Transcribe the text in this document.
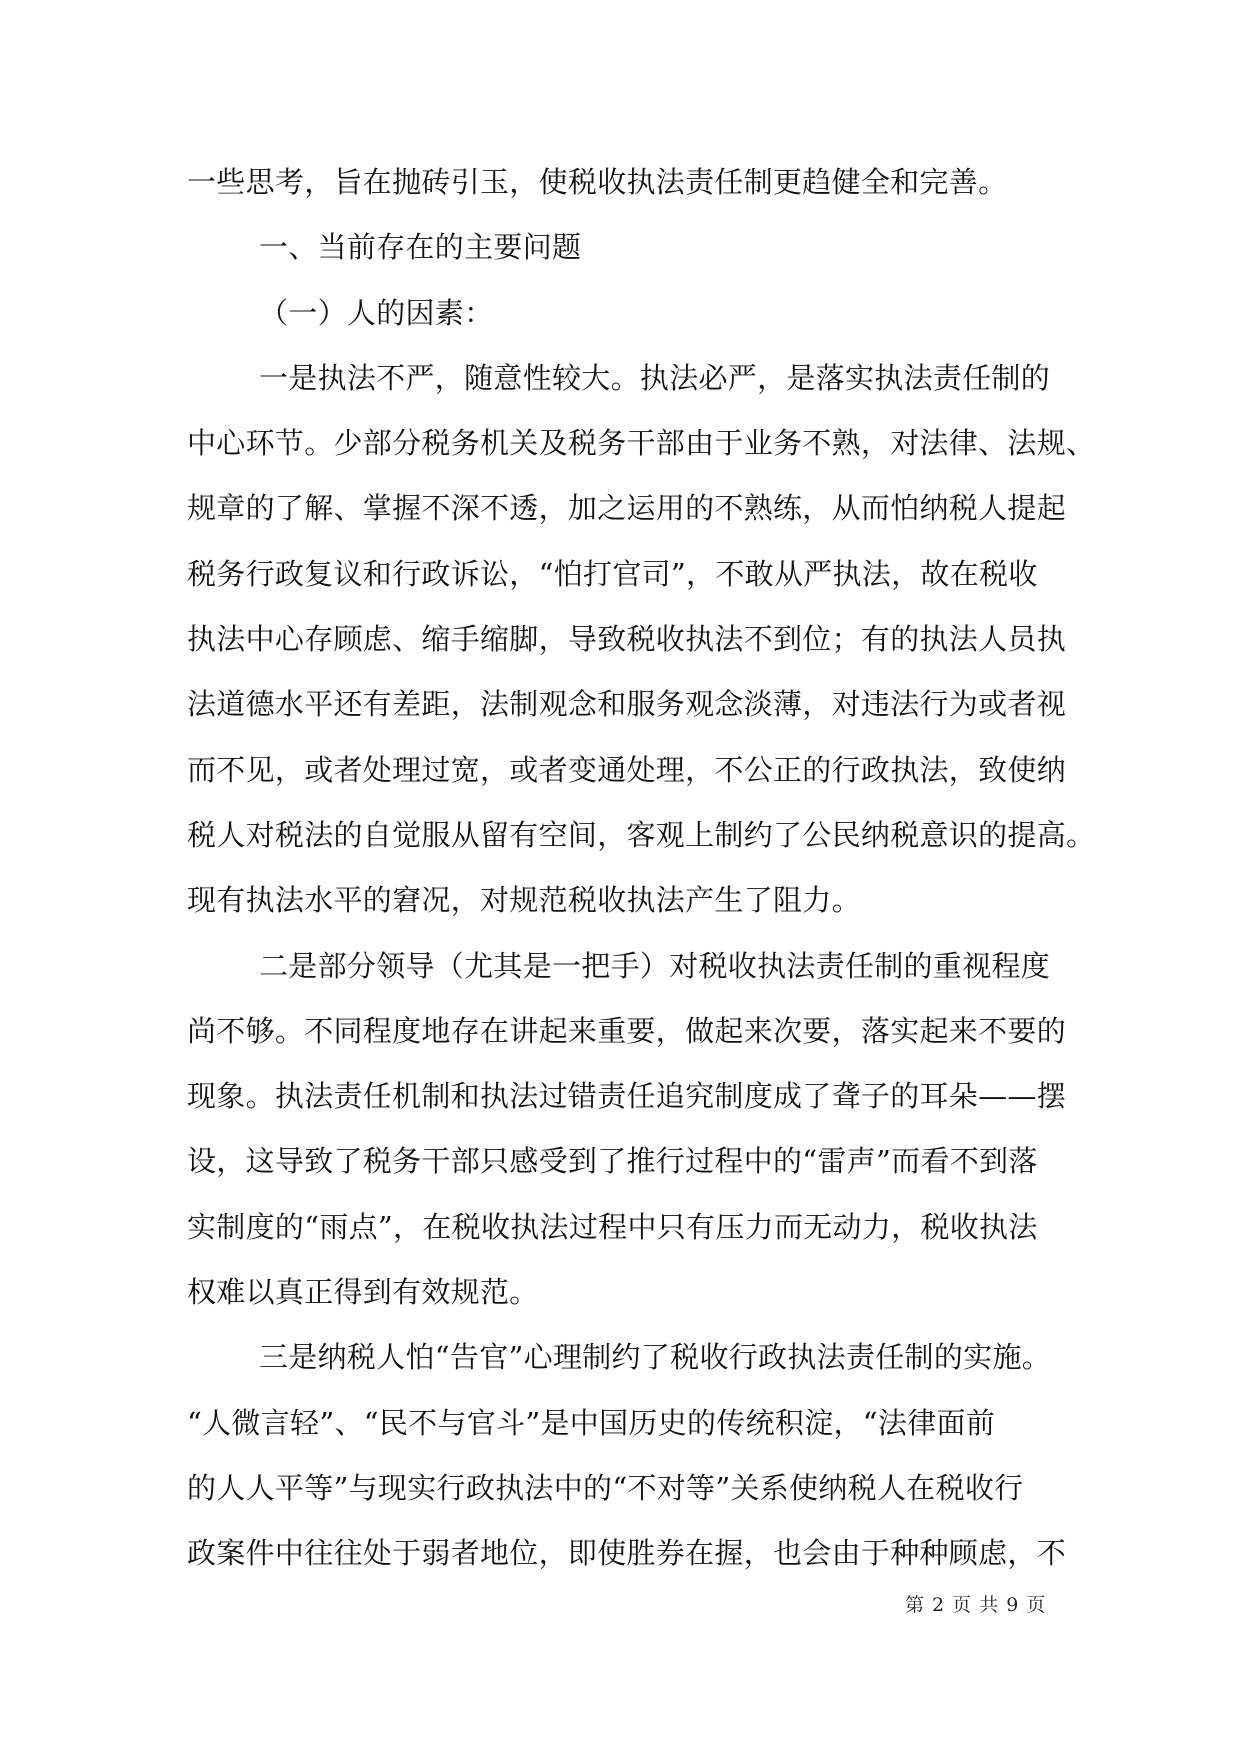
一些思考，旨在抛砖引玉，使税收执法责任制更趋健全和完善。
一、当前存在的主要问题
（一）人的因素：
一是执法不严，随意性较大。执法必严，是落实执法责任制的
中心环节。少部分税务机关及税务干部由于业务不熟，对法律、法规、
规章的了解、掌握不深不透，加之运用的不熟练，从而怕纳税人提起
税务行政复议和行政诉讼，“怕打官司”，不敢从严执法，故在税收
执法中心存顾虑、缩手缩脚，导致税收执法不到位；有的执法人员执
法道德水平还有差距，法制观念和服务观念淡薄，对违法行为或者视
而不见，或者处理过宽，或者变通处理，不公正的行政执法，致使纳
税人对税法的自觉服从留有空间，客观上制约了公民纳税意识的提高。
现有执法水平的窘况，对规范税收执法产生了阻力。
二是部分领导（尤其是一把手）对税收执法责任制的重视程度
尚不够。不同程度地存在讲起来重要，做起来次要，落实起来不要的
现象。执法责任机制和执法过错责任追究制度成了聋子的耳朵——摆
设，这导致了税务干部只感受到了推行过程中的“雷声”而看不到落
实制度的“雨点”，在税收执法过程中只有压力而无动力，税收执法
权难以真正得到有效规范。
三是纳税人怕“告官”心理制约了税收行政执法责任制的实施。
“人微言轻”、“民不与官斗”是中国历史的传统积淀，“法律面前
的人人平等”与现实行政执法中的“不对等”关系使纳税人在税收行
政案件中往往处于弱者地位，即使胜券在握，也会由于种种顾虑，不
第 2 页 共 9 页
